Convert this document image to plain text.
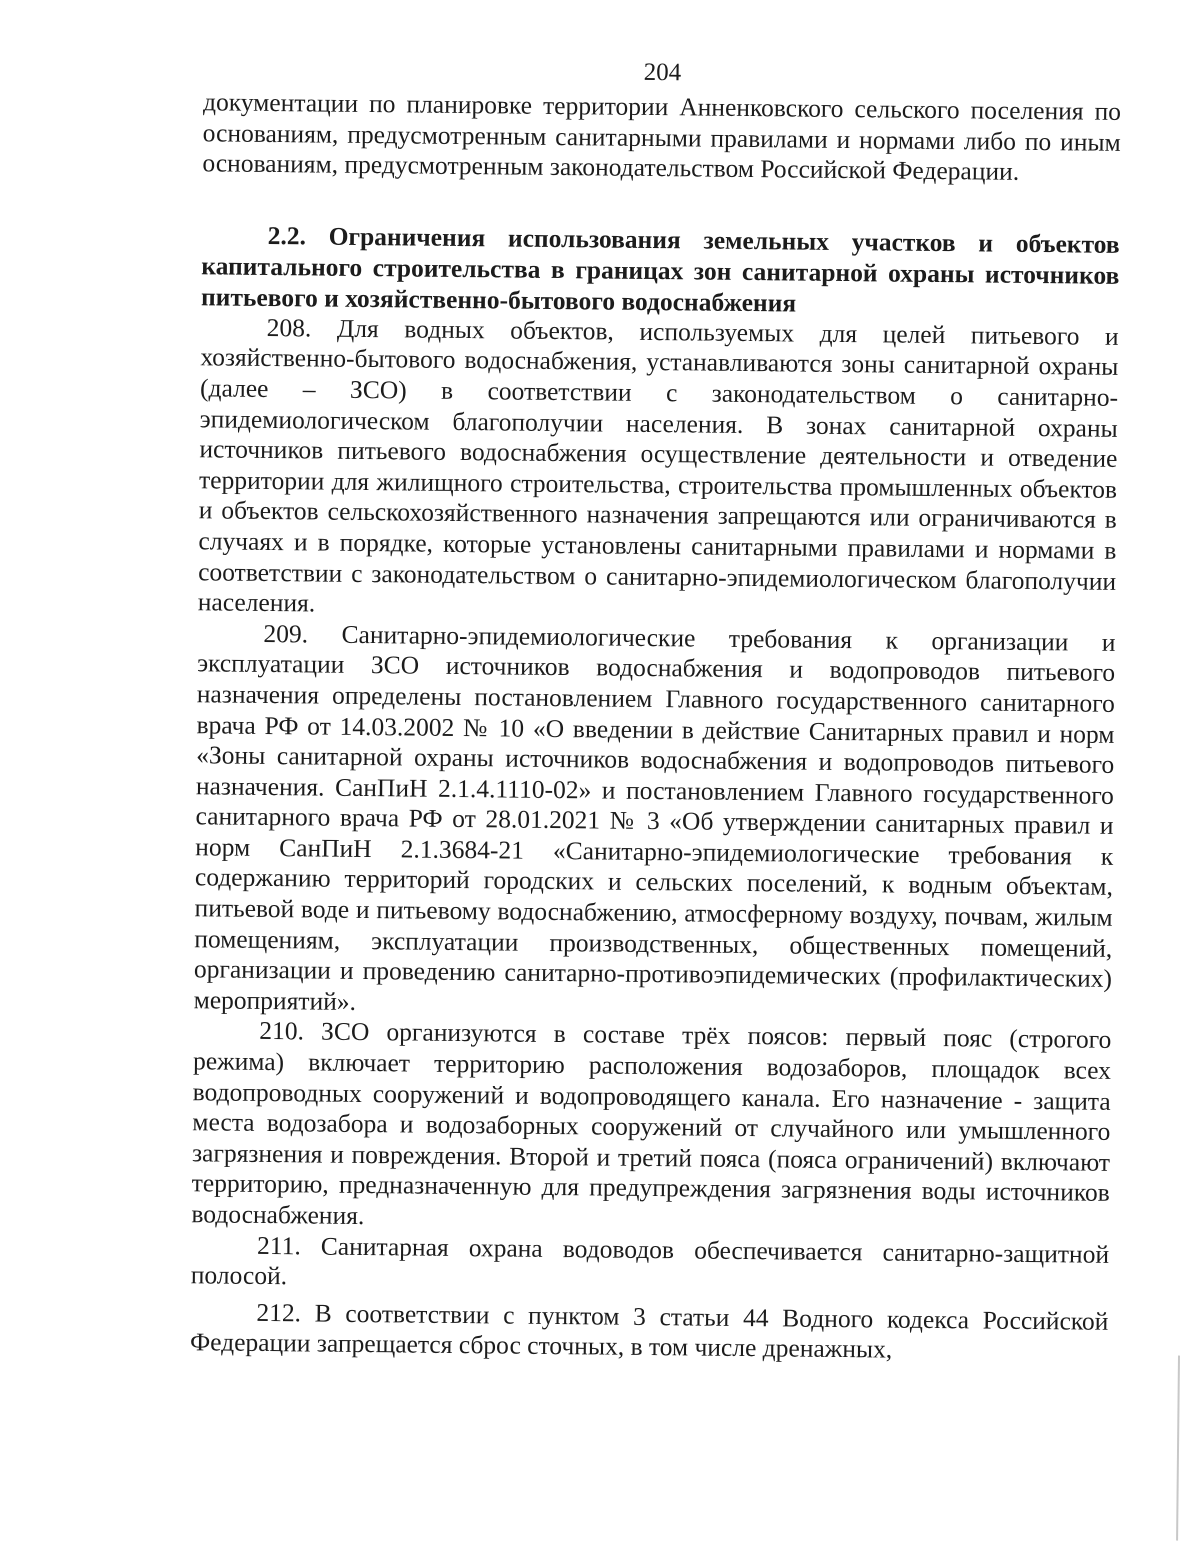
204

документации по планировке территории Анненковского сельского поселения по основаниям, предусмотренным санитарными правилами и нормами либо по иным основаниям, предусмотренным законодательством Российской Федерации.

2.2. Ограничения использования земельных участков и объектов капитального строительства в границах зон санитарной охраны источников питьевого и хозяйственно-бытового водоснабжения

208. Для водных объектов, используемых для целей питьевого и хозяйственно-бытового водоснабжения, устанавливаются зоны санитарной охраны (далее – ЗСО) в соответствии с законодательством о санитарно-эпидемиологическом благополучии населения. В зонах санитарной охраны источников питьевого водоснабжения осуществление деятельности и отведение территории для жилищного строительства, строительства промышленных объектов и объектов сельскохозяйственного назначения запрещаются или ограничиваются в случаях и в порядке, которые установлены санитарными правилами и нормами в соответствии с законодательством о санитарно-эпидемиологическом благополучии населения.

209. Санитарно-эпидемиологические требования к организации и эксплуатации ЗСО источников водоснабжения и водопроводов питьевого назначения определены постановлением Главного государственного санитарного врача РФ от 14.03.2002 № 10 «О введении в действие Санитарных правил и норм «Зоны санитарной охраны источников водоснабжения и водопроводов питьевого назначения. СанПиН 2.1.4.1110-02» и постановлением Главного государственного санитарного врача РФ от 28.01.2021 № 3 «Об утверждении санитарных правил и норм СанПиН 2.1.3684-21 «Санитарно-эпидемиологические требования к содержанию территорий городских и сельских поселений, к водным объектам, питьевой воде и питьевому водоснабжению, атмосферному воздуху, почвам, жилым помещениям, эксплуатации производственных, общественных помещений, организации и проведению санитарно-противоэпидемических (профилактических) мероприятий».

210. ЗСО организуются в составе трёх поясов: первый пояс (строгого режима) включает территорию расположения водозаборов, площадок всех водопроводных сооружений и водопроводящего канала. Его назначение - защита места водозабора и водозаборных сооружений от случайного или умышленного загрязнения и повреждения. Второй и третий пояса (пояса ограничений) включают территорию, предназначенную для предупреждения загрязнения воды источников водоснабжения.

211. Санитарная охрана водоводов обеспечивается санитарно-защитной полосой.

212. В соответствии с пунктом 3 статьи 44 Водного кодекса Российской Федерации запрещается сброс сточных, в том числе дренажных,
